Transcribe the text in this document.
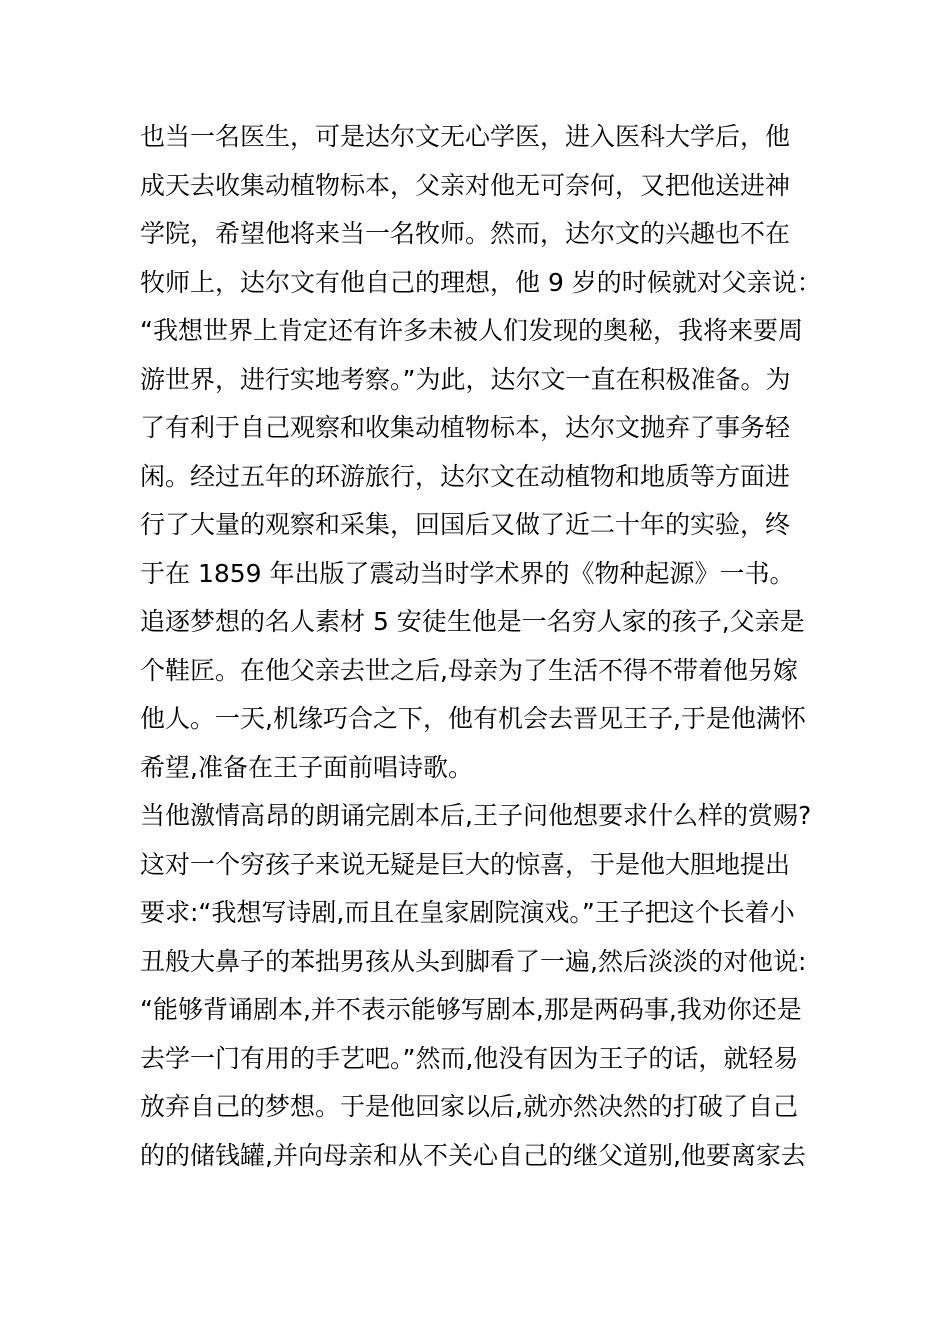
也当一名医生，可是达尔文无心学医，进入医科大学后，他
成天去收集动植物标本，父亲对他无可奈何，又把他送进神
学院，希望他将来当一名牧师。然而，达尔文的兴趣也不在
牧师上，达尔文有他自己的理想，他 9 岁的时候就对父亲说：
“我想世界上肯定还有许多未被人们发现的奥秘，我将来要周
游世界，进行实地考察。”为此，达尔文一直在积极准备。为
了有利于自己观察和收集动植物标本，达尔文抛弃了事务轻
闲。经过五年的环游旅行，达尔文在动植物和地质等方面进
行了大量的观察和采集，回国后又做了近二十年的实验，终
于在 1859 年出版了震动当时学术界的《物种起源》一书。
追逐梦想的名人素材 5 安徒生他是一名穷人家的孩子,父亲是
个鞋匠。在他父亲去世之后,母亲为了生活不得不带着他另嫁
他人。一天,机缘巧合之下，他有机会去晋见王子,于是他满怀
希望,准备在王子面前唱诗歌。
当他激情高昂的朗诵完剧本后,王子问他想要求什么样的赏赐?
这对一个穷孩子来说无疑是巨大的惊喜，于是他大胆地提出
要求:“我想写诗剧,而且在皇家剧院演戏。”王子把这个长着小
丑般大鼻子的苯拙男孩从头到脚看了一遍,然后淡淡的对他说:
“能够背诵剧本,并不表示能够写剧本,那是两码事,我劝你还是
去学一门有用的手艺吧。”然而,他没有因为王子的话，就轻易
放弃自己的梦想。于是他回家以后,就亦然决然的打破了自己
的的储钱罐,并向母亲和从不关心自己的继父道别,他要离家去
